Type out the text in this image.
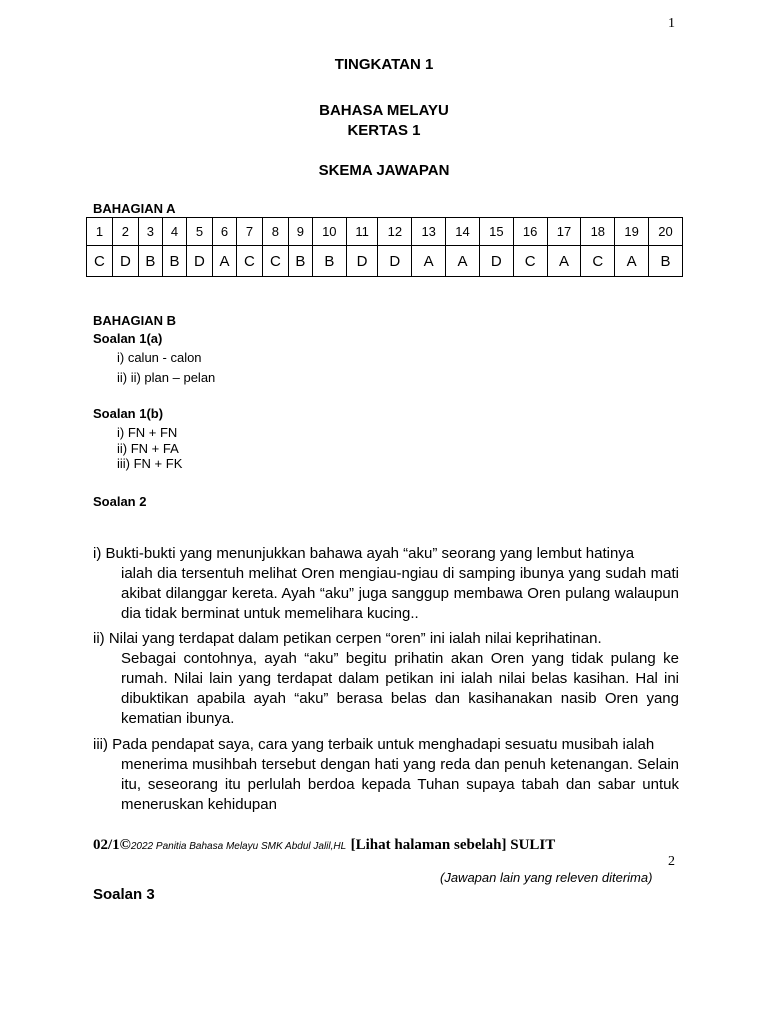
1
TINGKATAN 1
BAHASA MELAYU
KERTAS 1
SKEMA JAWAPAN
BAHAGIAN A
1	2	3	4	5	6	7	8	9	10	11	12	13	14	15	16	17	18	19	20
C	D	B	B	D	A	C	C	B	B	D	D	A	A	D	C	A	C	A	B
BAHAGIAN B
Soalan 1(a)
i) calun - calon
ii) ii) plan – pelan
Soalan 1(b)
i) FN + FN
ii) FN + FA
iii) FN + FK
Soalan 2
i) Bukti-bukti yang menunjukkan bahawa ayah “aku” seorang yang lembut hatinya
ialah dia tersentuh melihat Oren mengiau-ngiau di samping ibunya yang sudah mati akibat dilanggar kereta. Ayah “aku” juga sanggup membawa Oren pulang walaupun dia tidak berminat untuk memelihara kucing..
ii) Nilai yang terdapat dalam petikan cerpen “oren” ini ialah nilai keprihatinan.
Sebagai contohnya, ayah “aku” begitu prihatin akan Oren yang tidak pulang ke rumah. Nilai lain yang terdapat dalam petikan ini ialah nilai belas kasihan. Hal ini dibuktikan apabila ayah “aku” berasa belas dan kasihanakan nasib Oren yang kematian ibunya.
iii) Pada pendapat saya, cara yang terbaik untuk menghadapi sesuatu musibah ialah
menerima musihbah tersebut dengan hati yang reda dan penuh ketenangan. Selain itu, seseorang itu perlulah berdoa kepada Tuhan supaya tabah dan sabar untuk meneruskan kehidupan
02/1©2022 Panitia Bahasa Melayu SMK Abdul Jalil,HL [Lihat halaman sebelah] SULIT
2
(Jawapan lain yang releven diterima)
Soalan 3
